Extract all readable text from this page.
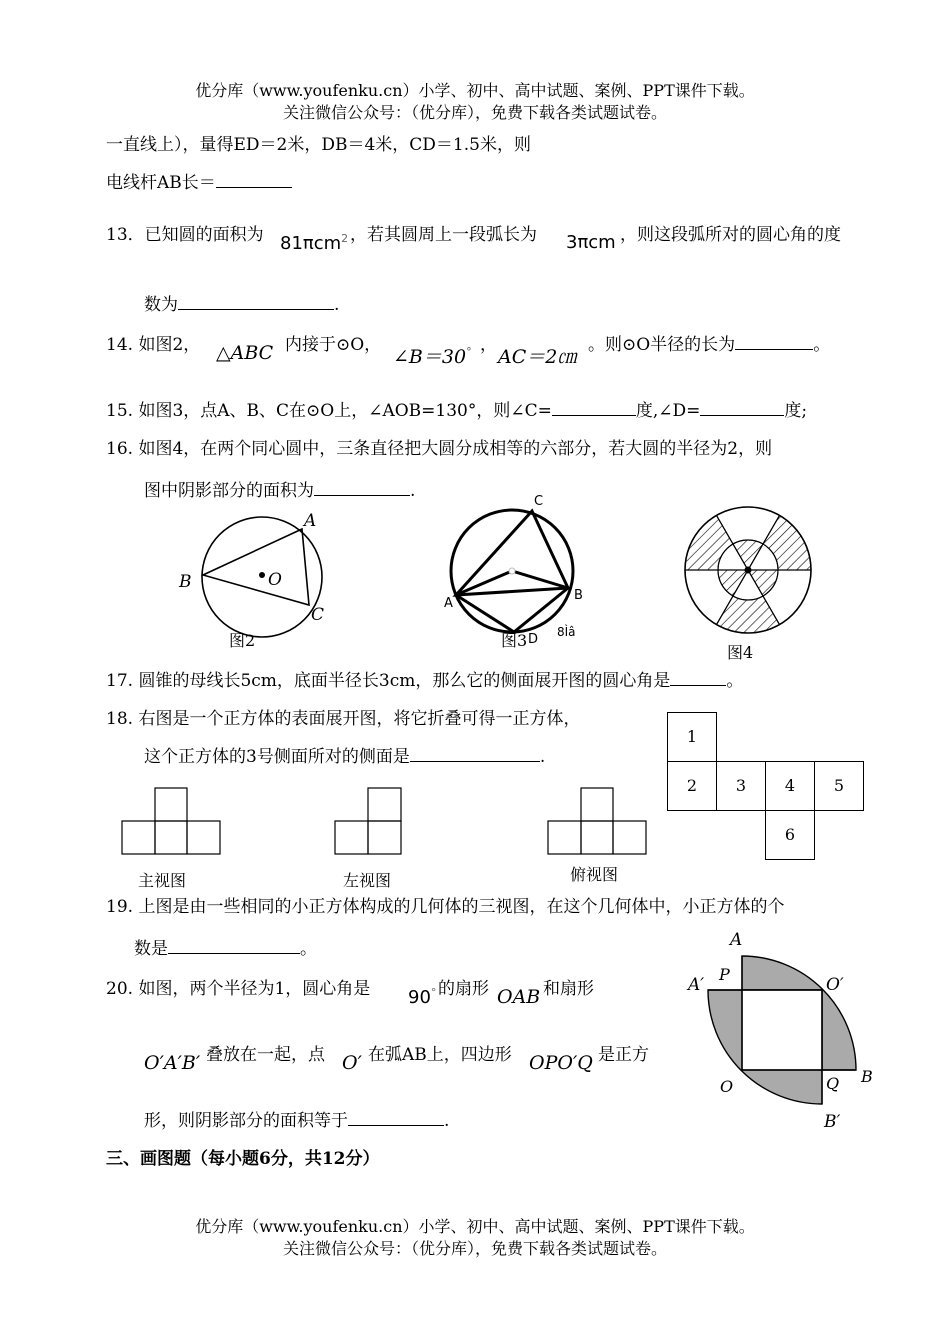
优分库（www.youfenku.cn）小学、初中、高中试题、案例、PPT课件下载。
关注微信公众号：（优分库），免费下载各类试题试卷。
一直线上），量得ED＝2米，DB＝4米，CD＝1.5米，则
电线杆AB长＝
13．已知圆的面积为 81πcm$^2$ ，若其圆周上一段弧长为 3πcm ，则这段弧所对的圆心角的度
数为	.
14. 如图2， △ABC 内接于⊙O，
∠B＝30° ，
AC＝2㎝
。则⊙O半径的长为	。
15. 如图3，点A、B、C在⊙O上，∠AOB=130°，则∠C=	度,∠D=	度;
16. 如图4，在两个同心圆中，三条直径把大圆分成相等的六部分，若大圆的半径为2，则
图中阴影部分的面积为	.
A
B
C
O
图2
C
A
B
D 8Ìâ
图3
图4
17. 圆锥的母线长5cm，底面半径长3cm，那么它的侧面展开图的圆心角是	。
18. 右图是一个正方体的表面展开图，将它折叠可得一正方体，
这个正方体的3号侧面所对的侧面是	.
1
2	3	4	5
6
主视图	左视图	俯视图
19. 上图是由一些相同的小正方体构成的几何体的三视图，在这个几何体中，小正方体的个
数是	。
20. 如图，两个半径为1，圆心角是 90° 的扇形 OAB 和扇形
O′A′B′ 叠放在一起，点 O′ 在弧AB上，四边形 OPO′Q 是正方
形，则阴影部分的面积等于	.
A
A′
P
O′
O	Q B
B′
三、画图题（每小题6分，共12分）
优分库（www.youfenku.cn）小学、初中、高中试题、案例、PPT课件下载。
关注微信公众号：（优分库），免费下载各类试题试卷。
